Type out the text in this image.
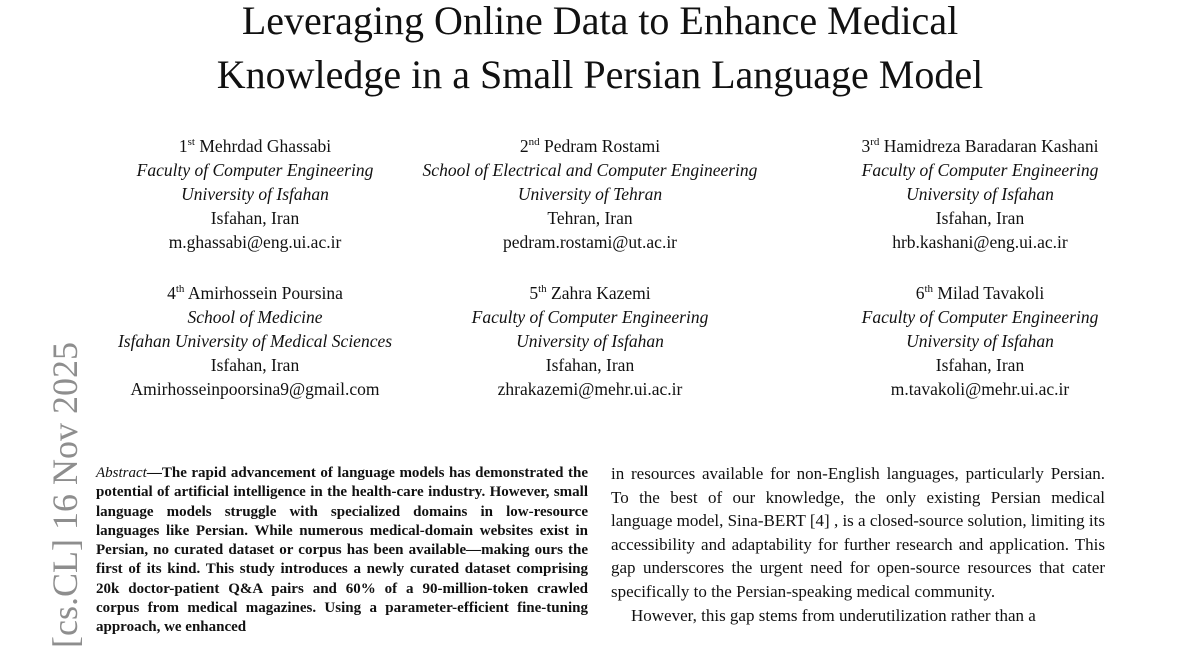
Leveraging Online Data to Enhance Medical
Knowledge in a Small Persian Language Model
1st Mehrdad Ghassabi
Faculty of Computer Engineering
University of Isfahan
Isfahan, Iran
m.ghassabi@eng.ui.ac.ir
2nd Pedram Rostami
School of Electrical and Computer Engineering
University of Tehran
Tehran, Iran
pedram.rostami@ut.ac.ir
3rd Hamidreza Baradaran Kashani
Faculty of Computer Engineering
University of Isfahan
Isfahan, Iran
hrb.kashani@eng.ui.ac.ir
4th Amirhossein Poursina
School of Medicine
Isfahan University of Medical Sciences
Isfahan, Iran
Amirhosseinpoorsina9@gmail.com
5th Zahra Kazemi
Faculty of Computer Engineering
University of Isfahan
Isfahan, Iran
zhrakazemi@mehr.ui.ac.ir
6th Milad Tavakoli
Faculty of Computer Engineering
University of Isfahan
Isfahan, Iran
m.tavakoli@mehr.ui.ac.ir
[cs.CL] 16 Nov 2025 Abstract—The rapid advancement of language models has demonstrated the potential of artificial intelligence in the health-care industry. However, small language models struggle with specialized domains in low-resource languages like Persian. While numerous medical-domain websites exist in Persian, no curated dataset or corpus has been available—making ours the first of its kind. This study introduces a newly curated dataset comprising 20k doctor-patient Q&A pairs and 60% of a 90-million-token crawled corpus from medical magazines. Using a parameter-efficient fine-tuning approach, we enhanced

in resources available for non-English languages, particularly Persian. To the best of our knowledge, the only existing Persian medical language model, Sina-BERT [4] , is a closed-source solution, limiting its accessibility and adaptability for further research and application. This gap underscores the urgent need for open-source resources that cater specifically to the Persian-speaking medical community.

However, this gap stems from underutilization rather than a
